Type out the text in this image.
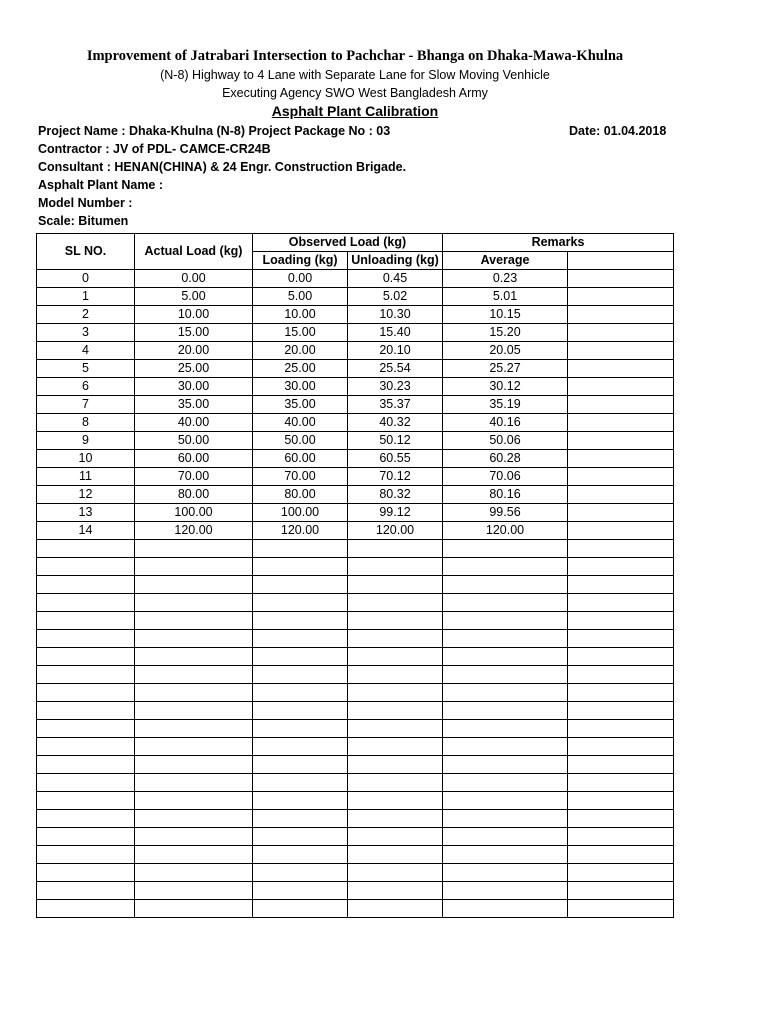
Improvement of Jatrabari Intersection to Pachchar - Bhanga on Dhaka-Mawa-Khulna
(N-8) Highway to 4 Lane with Separate Lane for Slow Moving Venhicle
Executing Agency SWO West Bangladesh Army
Asphalt Plant Calibration
Project Name : Dhaka-Khulna (N-8) Project Package No : 03	Date: 01.04.2018
Contractor : JV of PDL- CAMCE-CR24B
Consultant : HENAN(CHINA) & 24 Engr. Construction Brigade.
Asphalt Plant Name :
Model Number :
Scale: Bitumen
SL NO.	Actual Load (kg)	Observed Load (kg)		Remarks	
		Loading (kg)	Unloading (kg)	Average	
0	0.00	0.00	0.45	0.23	
1	5.00	5.00	5.02	5.01	
2	10.00	10.00	10.30	10.15	
3	15.00	15.00	15.40	15.20	
4	20.00	20.00	20.10	20.05	
5	25.00	25.00	25.54	25.27	
6	30.00	30.00	30.23	30.12	
7	35.00	35.00	35.37	35.19	
8	40.00	40.00	40.32	40.16	
9	50.00	50.00	50.12	50.06	
10	60.00	60.00	60.55	60.28	
11	70.00	70.00	70.12	70.06	
12	80.00	80.00	80.32	80.16	
13	100.00	100.00	99.12	99.56	
14	120.00	120.00	120.00	120.00	
